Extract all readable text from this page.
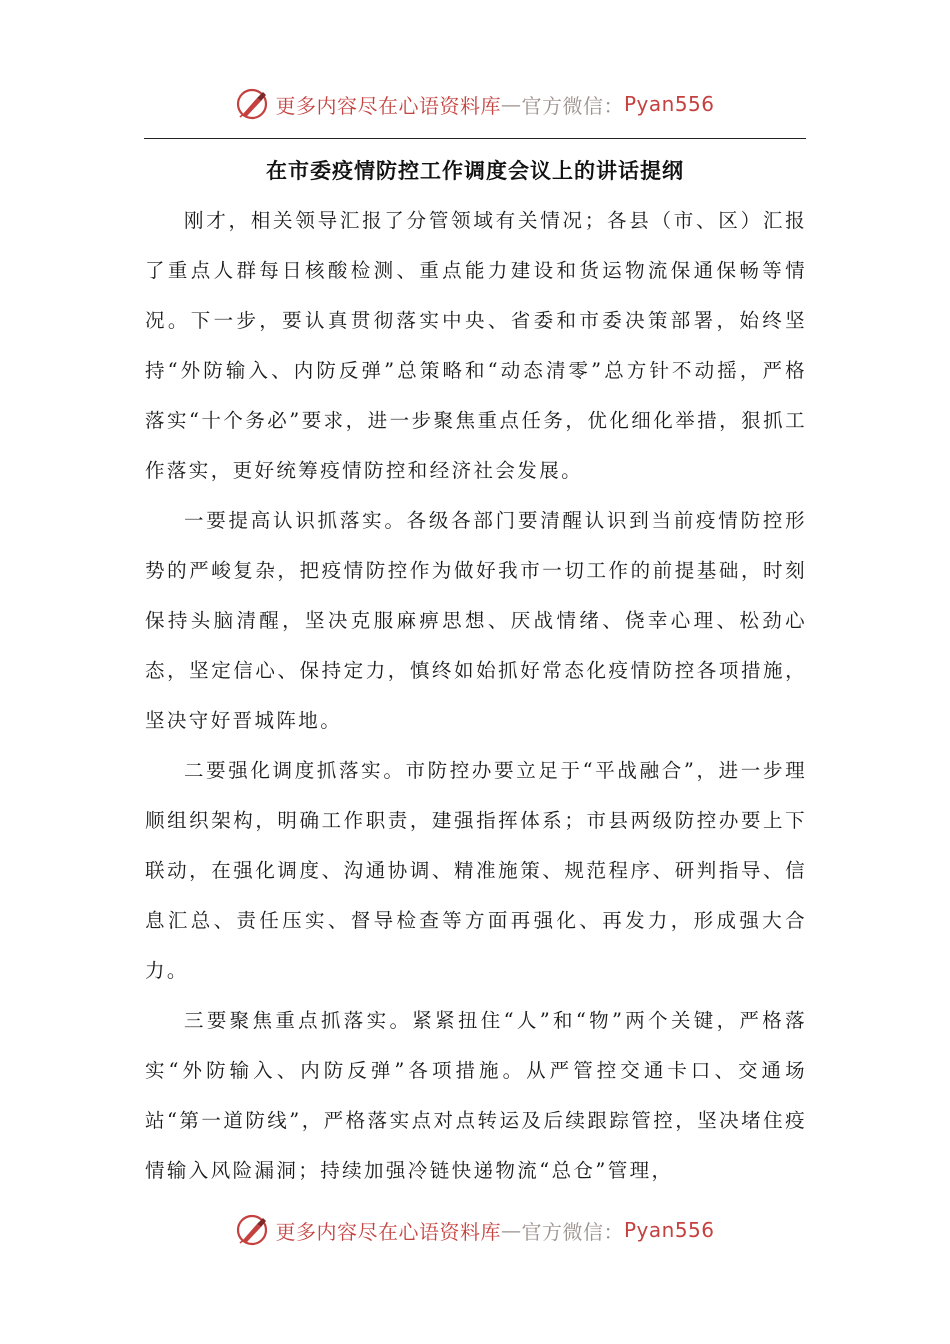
更多内容尽在心语资料库 — 官方微信： Pyan556
在市委疫情防控工作调度会议上的讲话提纲

刚才，相关领导汇报了分管领域有关情况；各县（市、区）汇报了重点人群每日核酸检测、重点能力建设和货运物流保通保畅等情况。下一步，要认真贯彻落实中央、省委和市委决策部署，始终坚持“外防输入、内防反弹”总策略和“动态清零”总方针不动摇，严格落实“十个务必”要求，进一步聚焦重点任务，优化细化举措，狠抓工作落实，更好统筹疫情防控和经济社会发展。

一要提高认识抓落实。各级各部门要清醒认识到当前疫情防控形势的严峻复杂，把疫情防控作为做好我市一切工作的前提基础，时刻保持头脑清醒，坚决克服麻痹思想、厌战情绪、侥幸心理、松劲心态，坚定信心、保持定力，慎终如始抓好常态化疫情防控各项措施，坚决守好晋城阵地。

二要强化调度抓落实。市防控办要立足于“平战融合”，进一步理顺组织架构，明确工作职责，建强指挥体系；市县两级防控办要上下联动，在强化调度、沟通协调、精准施策、规范程序、研判指导、信息汇总、责任压实、督导检查等方面再强化、再发力，形成强大合力。

三要聚焦重点抓落实。紧紧扭住“人”和“物”两个关键，严格落实“外防输入、内防反弹”各项措施。从严管控交通卡口、交通场站“第一道防线”，严格落实点对点转运及后续跟踪管控，坚决堵住疫情输入风险漏洞；持续加强冷链快递物流“总仓”管理，

更多内容尽在心语资料库 — 官方微信： Pyan556
